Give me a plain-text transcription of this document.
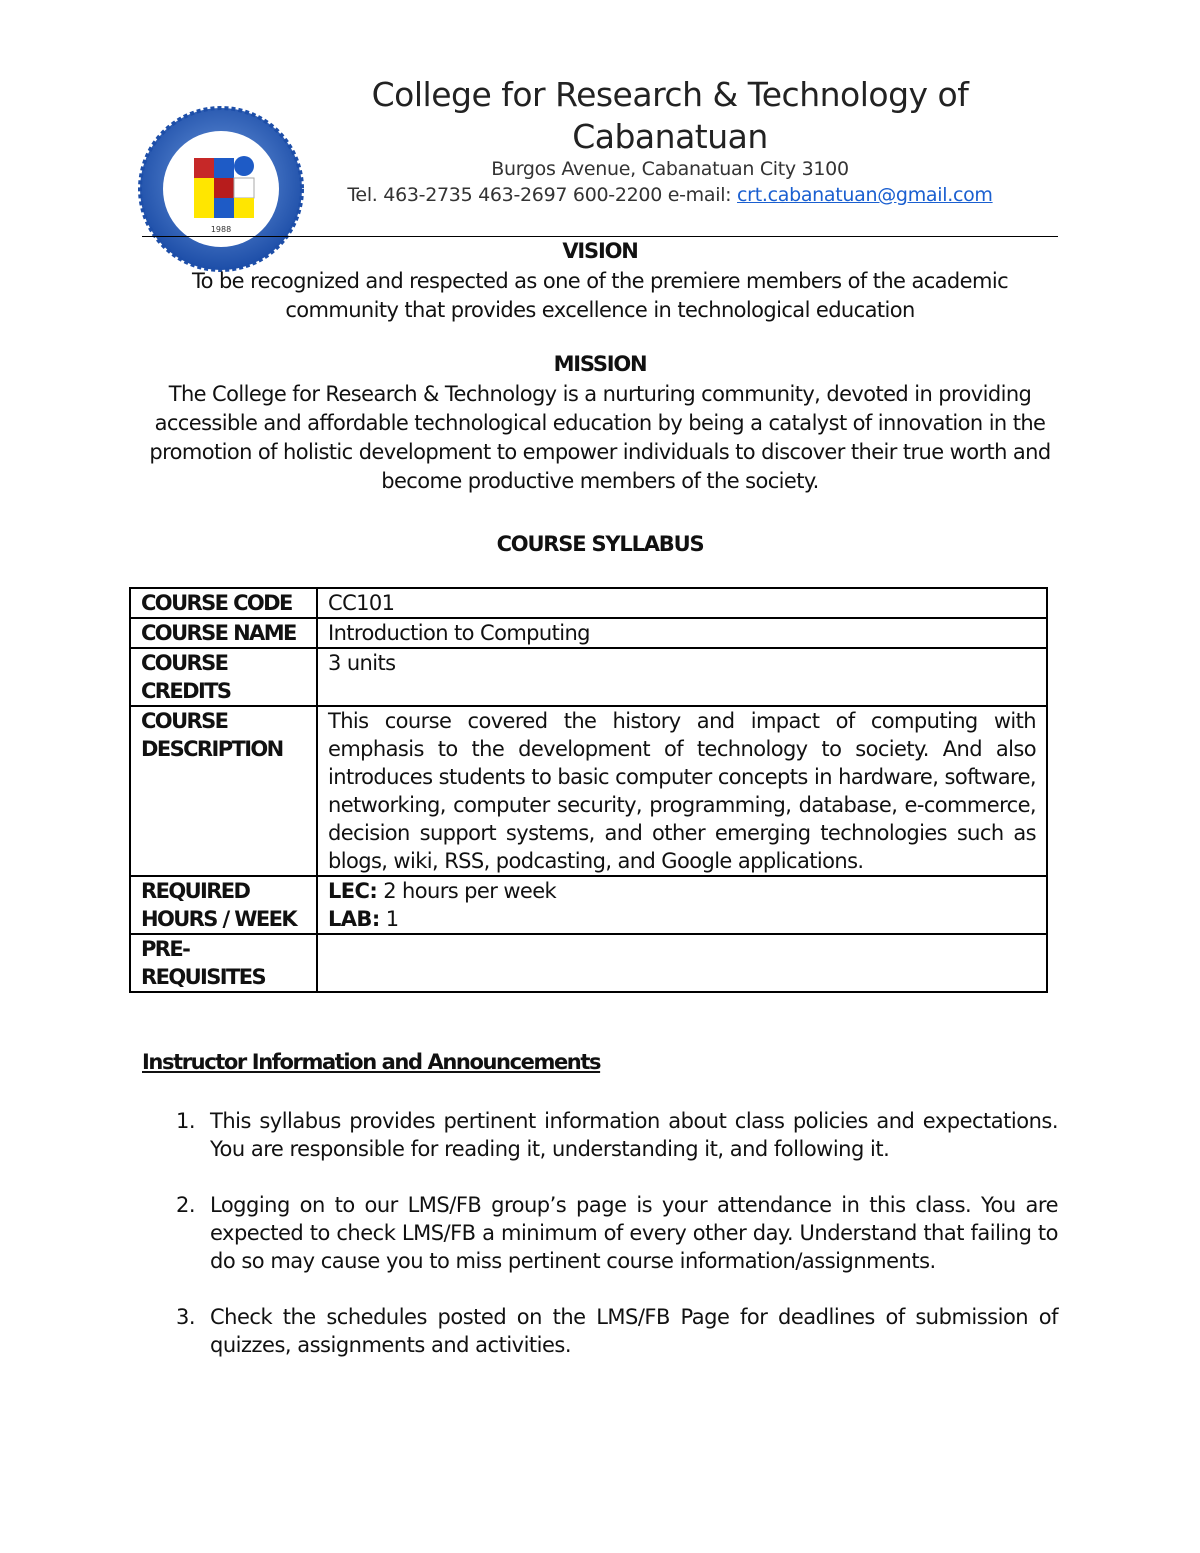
1988
College for Research & Technology of Cabanatuan
Burgos Avenue, Cabanatuan City 3100
Tel. 463-2735 463-2697 600-2200 e-mail: crt.cabanatuan@gmail.com
VISION
To be recognized and respected as one of the premiere members of the academic community that provides excellence in technological education
MISSION
The College for Research & Technology is a nurturing community, devoted in providing accessible and affordable technological education by being a catalyst of innovation in the promotion of holistic development to empower individuals to discover their true worth and become productive members of the society.
COURSE SYLLABUS
COURSE CODE	CC101
COURSE NAME	Introduction to Computing
COURSE CREDITS	3 units
COURSE DESCRIPTION	This course covered the history and impact of computing with emphasis to the development of technology to society. And also introduces students to basic computer concepts in hardware, software, networking, computer security, programming, database, e-commerce, decision support systems, and other emerging technologies such as blogs, wiki, RSS, podcasting, and Google applications.
REQUIRED HOURS / WEEK	LEC: 2 hours per week
LAB: 1
PRE-REQUISITES	
Instructor Information and Announcements
1. This syllabus provides pertinent information about class policies and expectations. You are responsible for reading it, understanding it, and following it.
2. Logging on to our LMS/FB group’s page is your attendance in this class. You are expected to check LMS/FB a minimum of every other day. Understand that failing to do so may cause you to miss pertinent course information/assignments.
3. Check the schedules posted on the LMS/FB Page for deadlines of submission of quizzes, assignments and activities.
